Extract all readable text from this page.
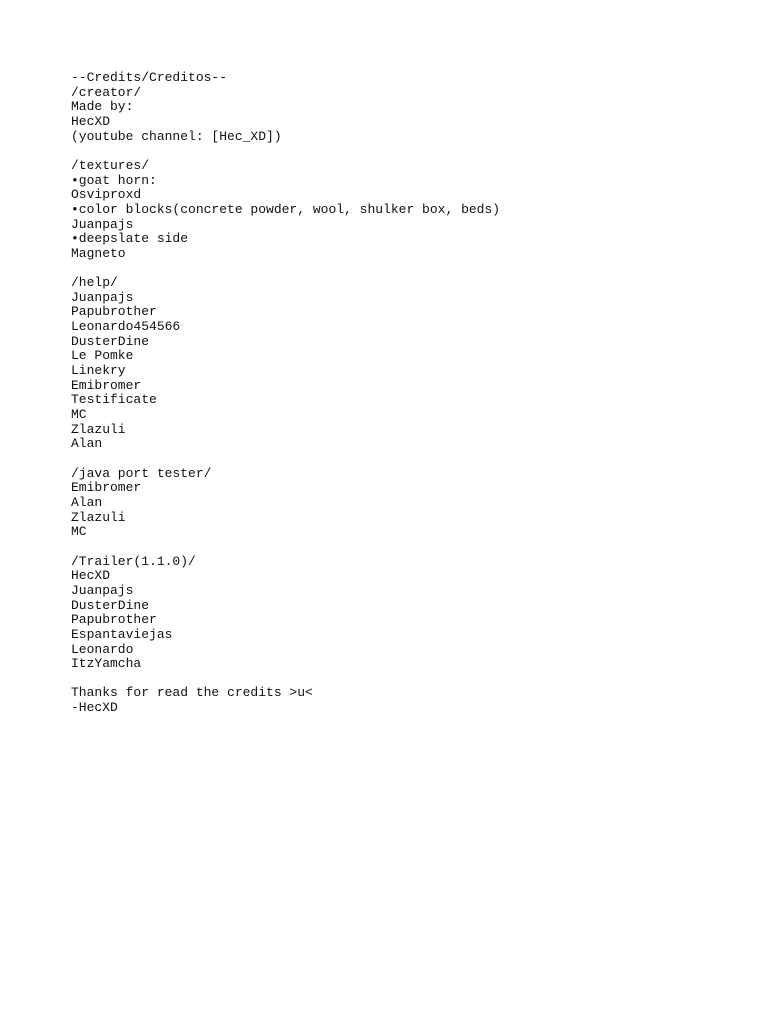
--Credits/Creditos--
/creator/
Made by:
HecXD
(youtube channel: [Hec_XD])
/textures/
•goat horn:
Osviproxd
•color blocks(concrete powder, wool, shulker box, beds)
Juanpajs
•deepslate side
Magneto
/help/
Juanpajs
Papubrother
Leonardo454566
DusterDine
Le Pomke
Linekry
Emibromer
Testificate
MC
Zlazuli
Alan
/java port tester/
Emibromer
Alan
Zlazuli
MC
/Trailer(1.1.0)/
HecXD
Juanpajs
DusterDine
Papubrother
Espantaviejas
Leonardo
ItzYamcha
Thanks for read the credits >u<
-HecXD
